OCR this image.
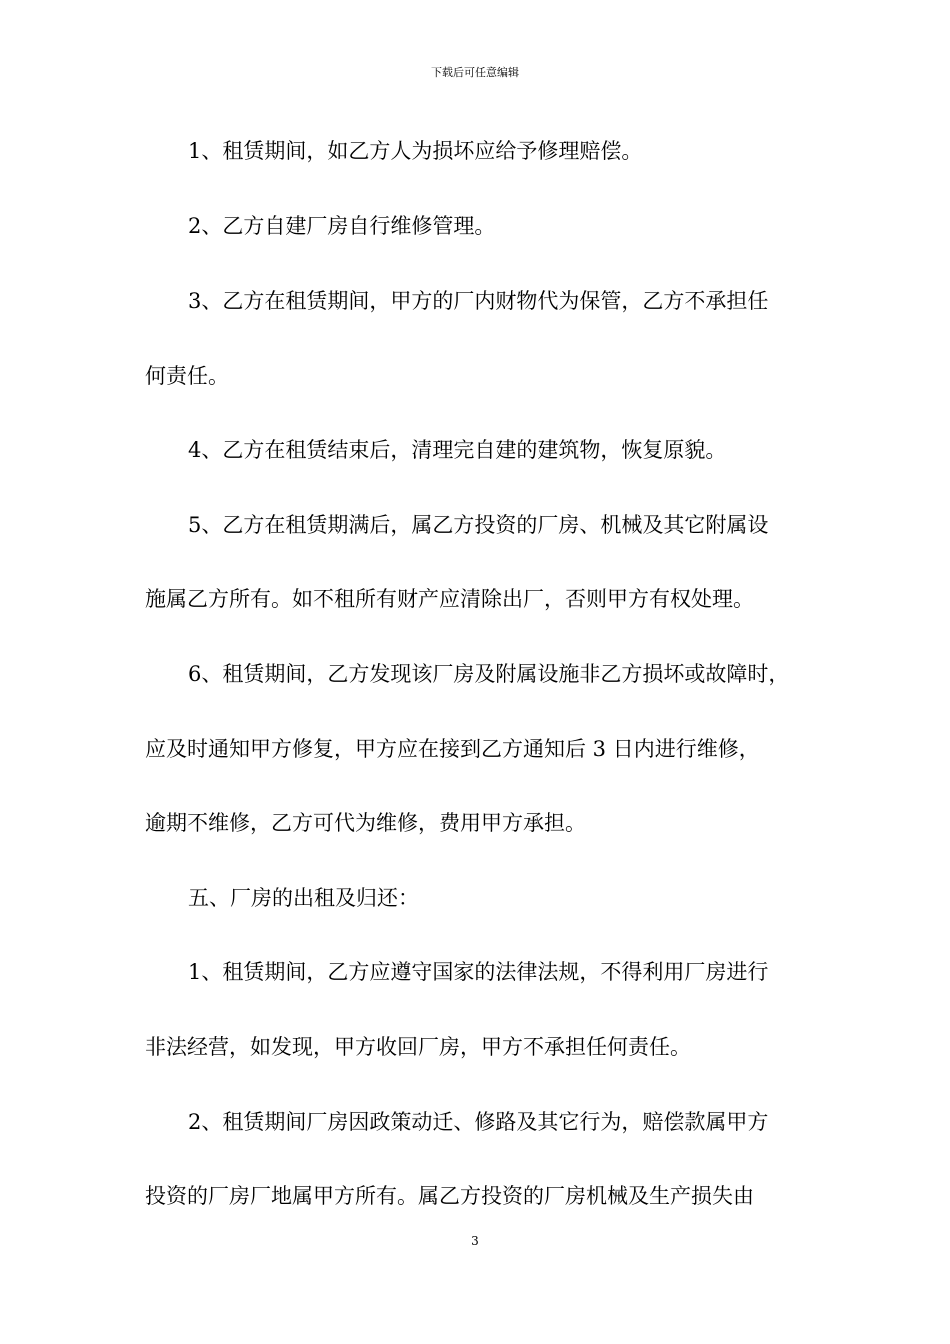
下载后可任意编辑
1、租赁期间，如乙方人为损坏应给予修理赔偿。
2、乙方自建厂房自行维修管理。
3、乙方在租赁期间，甲方的厂内财物代为保管，乙方不承担任
何责任。
4、乙方在租赁结束后，清理完自建的建筑物，恢复原貌。
5、乙方在租赁期满后，属乙方投资的厂房、机械及其它附属设
施属乙方所有。如不租所有财产应清除出厂，否则甲方有权处理。
6、租赁期间，乙方发现该厂房及附属设施非乙方损坏或故障时，
应及时通知甲方修复，甲方应在接到乙方通知后 3 日内进行维修，
逾期不维修，乙方可代为维修，费用甲方承担。
五、厂房的出租及归还：
1、租赁期间，乙方应遵守国家的法律法规，不得利用厂房进行
非法经营，如发现，甲方收回厂房，甲方不承担任何责任。
2、租赁期间厂房因政策动迁、修路及其它行为，赔偿款属甲方
投资的厂房厂地属甲方所有。属乙方投资的厂房机械及生产损失由
3
